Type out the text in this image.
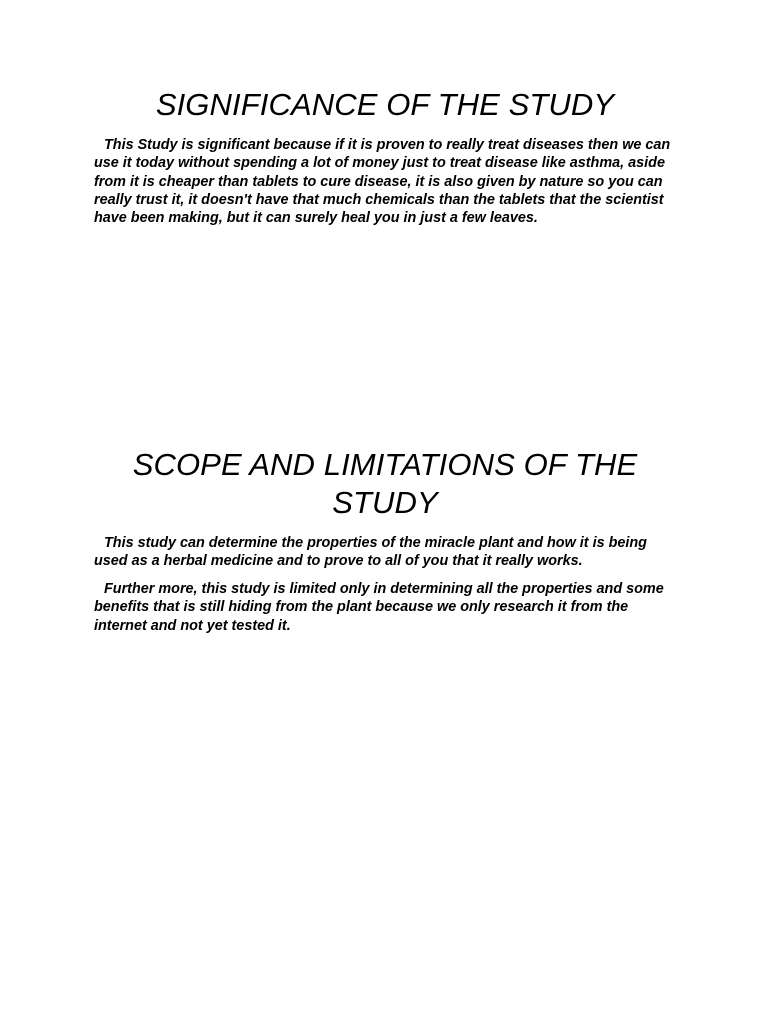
SIGNIFICANCE OF THE STUDY

This Study is significant because if it is proven to really treat diseases then we can use it today without spending a lot of money just to treat disease like asthma, aside from it is cheaper than tablets to cure disease, it is also given by nature so you can really trust it, it doesn't have that much chemicals than the tablets that the scientist have been making, but it can surely heal you in just a few leaves.

SCOPE AND LIMITATIONS OF THE STUDY

This study can determine the properties of the miracle plant and how it is being used as a herbal medicine and to prove to all of you that it really works.

Further more, this study is limited only in determining all the properties and some benefits that is still hiding from the plant because we only research it from the internet and not yet tested it.
